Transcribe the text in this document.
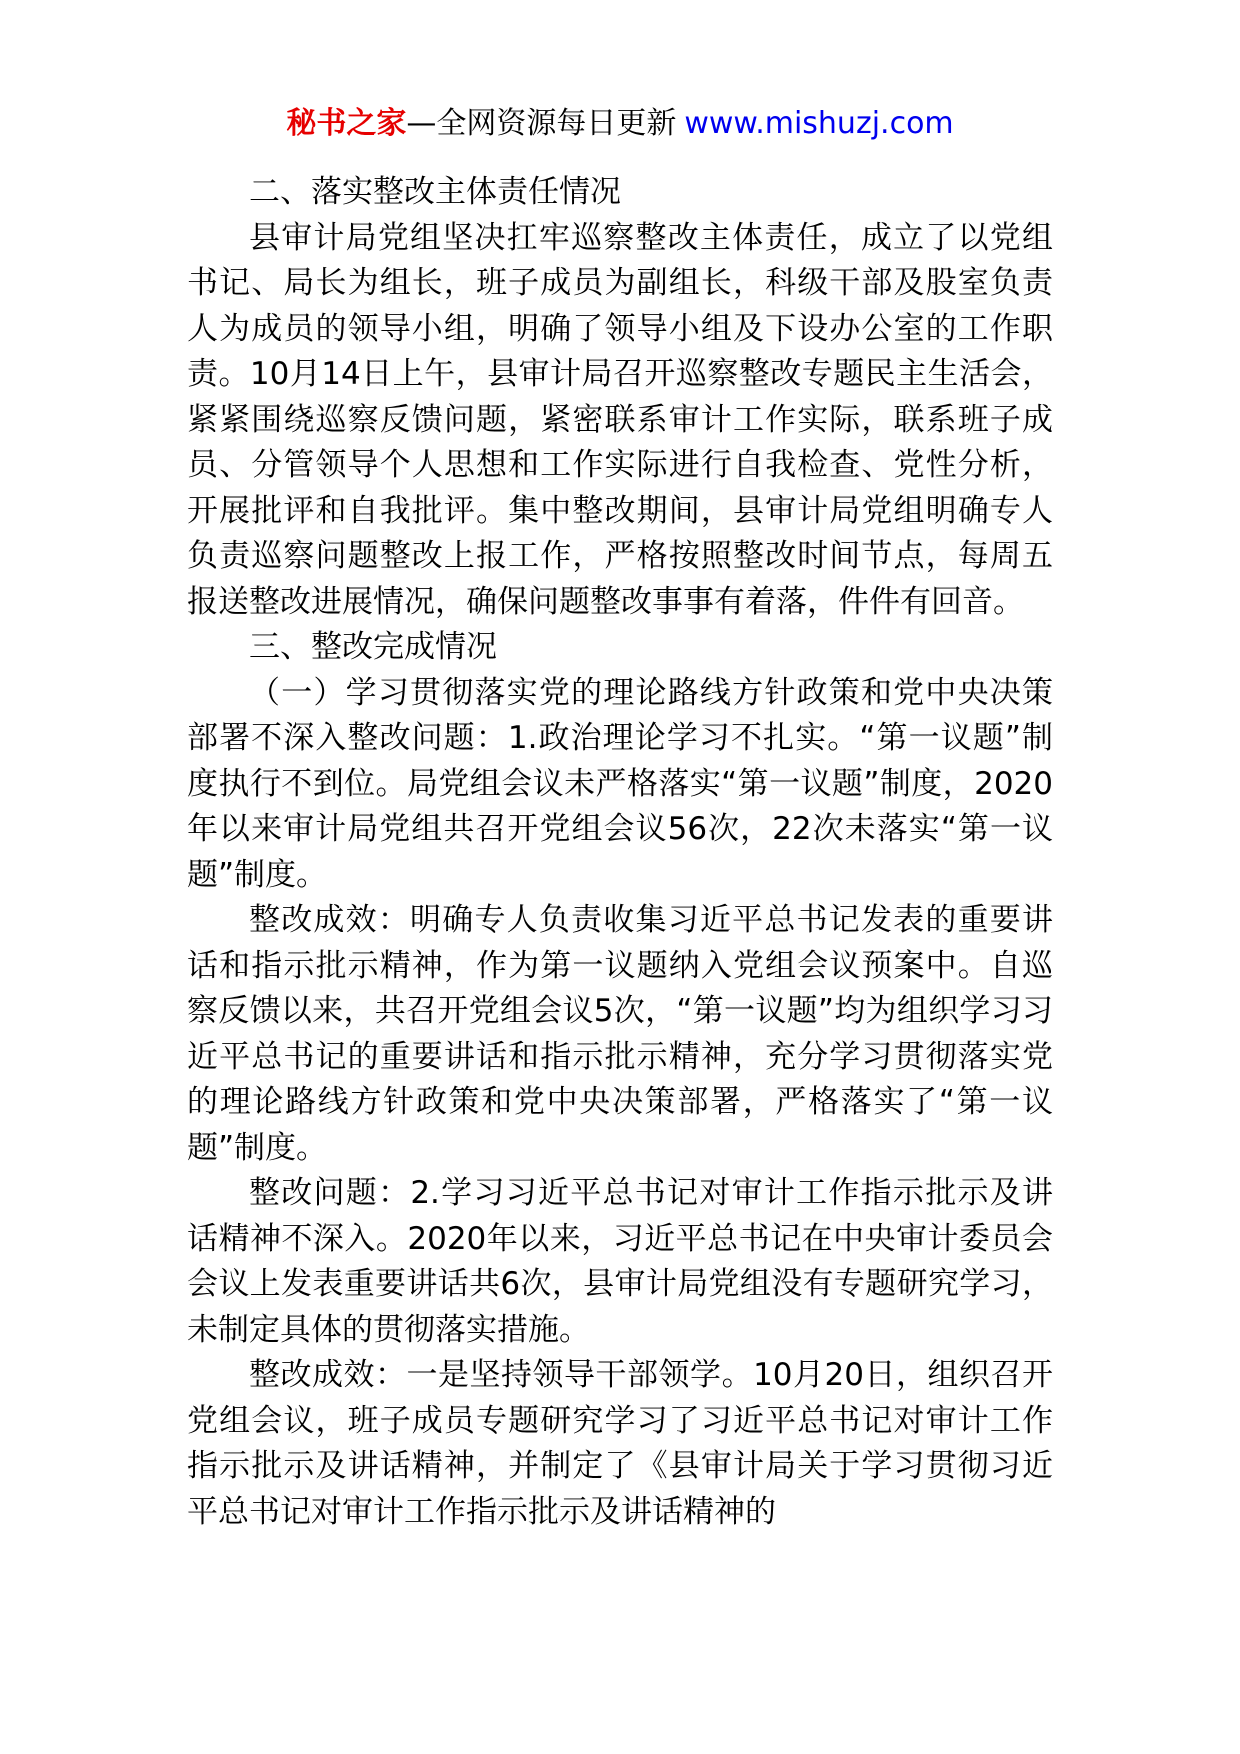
秘书之家—全网资源每日更新 www.mishuzj.com

二、落实整改主体责任情况

县审计局党组坚决扛牢巡察整改主体责任，成立了以党组书记、局长为组长，班子成员为副组长，科级干部及股室负责人为成员的领导小组，明确了领导小组及下设办公室的工作职责。10月14日上午，县审计局召开巡察整改专题民主生活会，紧紧围绕巡察反馈问题，紧密联系审计工作实际，联系班子成员、分管领导个人思想和工作实际进行自我检查、党性分析，开展批评和自我批评。集中整改期间，县审计局党组明确专人负责巡察问题整改上报工作，严格按照整改时间节点，每周五报送整改进展情况，确保问题整改事事有着落，件件有回音。

三、整改完成情况

（一）学习贯彻落实党的理论路线方针政策和党中央决策部署不深入整改问题：1.政治理论学习不扎实。“第一议题”制度执行不到位。局党组会议未严格落实“第一议题”制度，2020年以来审计局党组共召开党组会议56次，22次未落实“第一议题”制度。

整改成效：明确专人负责收集习近平总书记发表的重要讲话和指示批示精神，作为第一议题纳入党组会议预案中。自巡察反馈以来，共召开党组会议5次，“第一议题”均为组织学习习近平总书记的重要讲话和指示批示精神，充分学习贯彻落实党的理论路线方针政策和党中央决策部署，严格落实了“第一议题”制度。

整改问题：2.学习习近平总书记对审计工作指示批示及讲话精神不深入。2020年以来，习近平总书记在中央审计委员会会议上发表重要讲话共6次，县审计局党组没有专题研究学习，未制定具体的贯彻落实措施。

整改成效：一是坚持领导干部领学。10月20日，组织召开党组会议，班子成员专题研究学习了习近平总书记对审计工作指示批示及讲话精神，并制定了《县审计局关于学习贯彻习近平总书记对审计工作指示批示及讲话精神的
